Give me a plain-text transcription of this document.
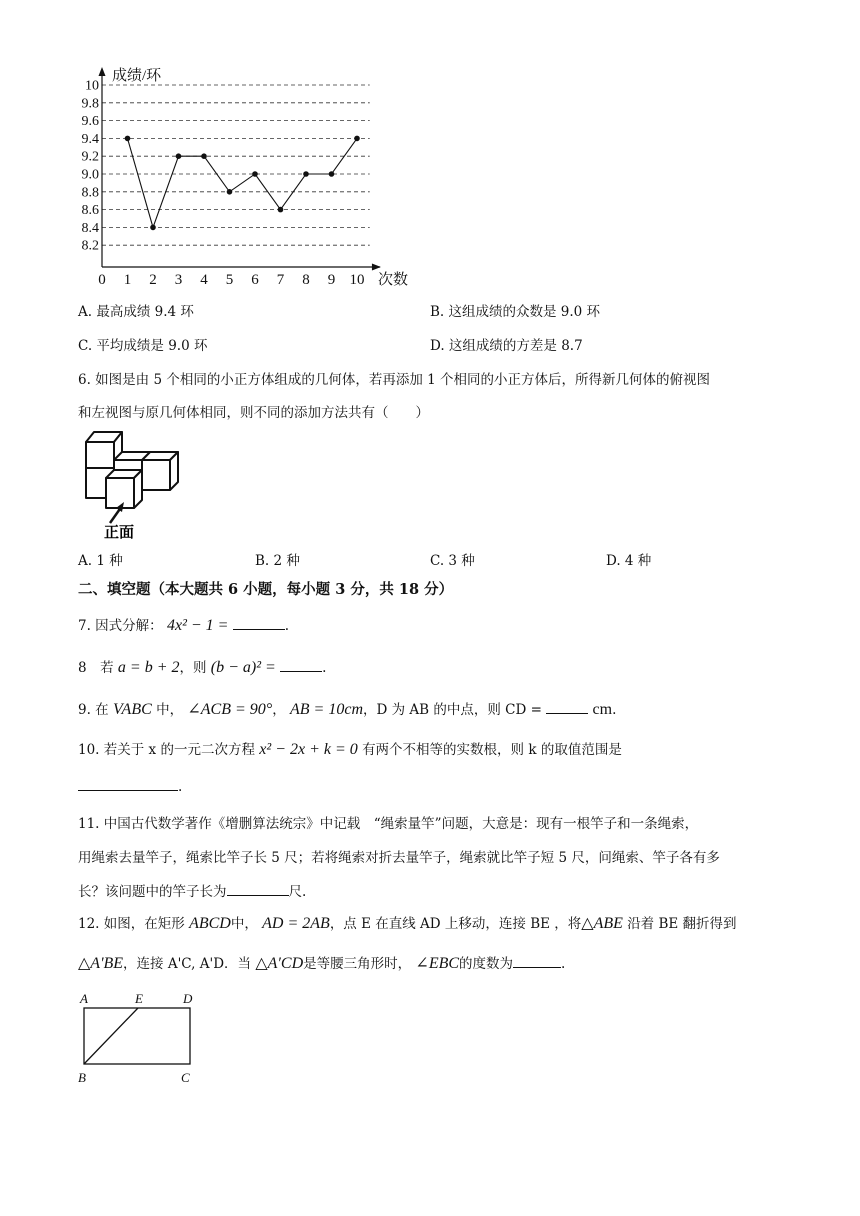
10
9.8
9.6
9.4
9.2
9.0
8.8
8.6
8.4
8.2
0 1 2 3 4 5 6 7 8 9 10
成绩/环
次数
A. 最高成绩 9.4 环	B. 这组成绩的众数是 9.0 环
C. 平均成绩是 9.0 环	D. 这组成绩的方差是 8.7
6. 如图是由 5 个相同的小正方体组成的几何体，若再添加 1 个相同的小正方体后，所得新几何体的俯视图
和左视图与原几何体相同，则不同的添加方法共有（　　）
正面
A. 1 种	B. 2 种	C. 3 种	D. 4 种
二、填空题（本大题共 6 小题，每小题 3 分，共 18 分）
7. 因式分解： 4x² − 1 =	.
8　若 a = b + 2，则 (b − a)² =	.
9. 在 VABC 中， ∠ACB = 90°， AB = 10cm，D 为 AB 的中点，则 CD =	cm.
10. 若关于 x 的一元二次方程 x² − 2x + k = 0 有两个不相等的实数根，则 k 的取值范围是
.
11. 中国古代数学著作《增删算法统宗》中记载　“绳索量竿”问题，大意是：现有一根竿子和一条绳索，
用绳索去量竿子，绳索比竿子长 5 尺；若将绳索对折去量竿子，绳索就比竿子短 5 尺，问绳索、竿子各有多
长？该问题中的竿子长为	尺.
12. 如图，在矩形 ABCD中， AD = 2AB，点 E 在直线 AD 上移动，连接 BE ，将△ABE 沿着 BE 翻折得到
△A'BE，连接 A'C, A'D．当 △A′CD是等腰三角形时， ∠EBC的度数为	.
A	E	D
B	C
